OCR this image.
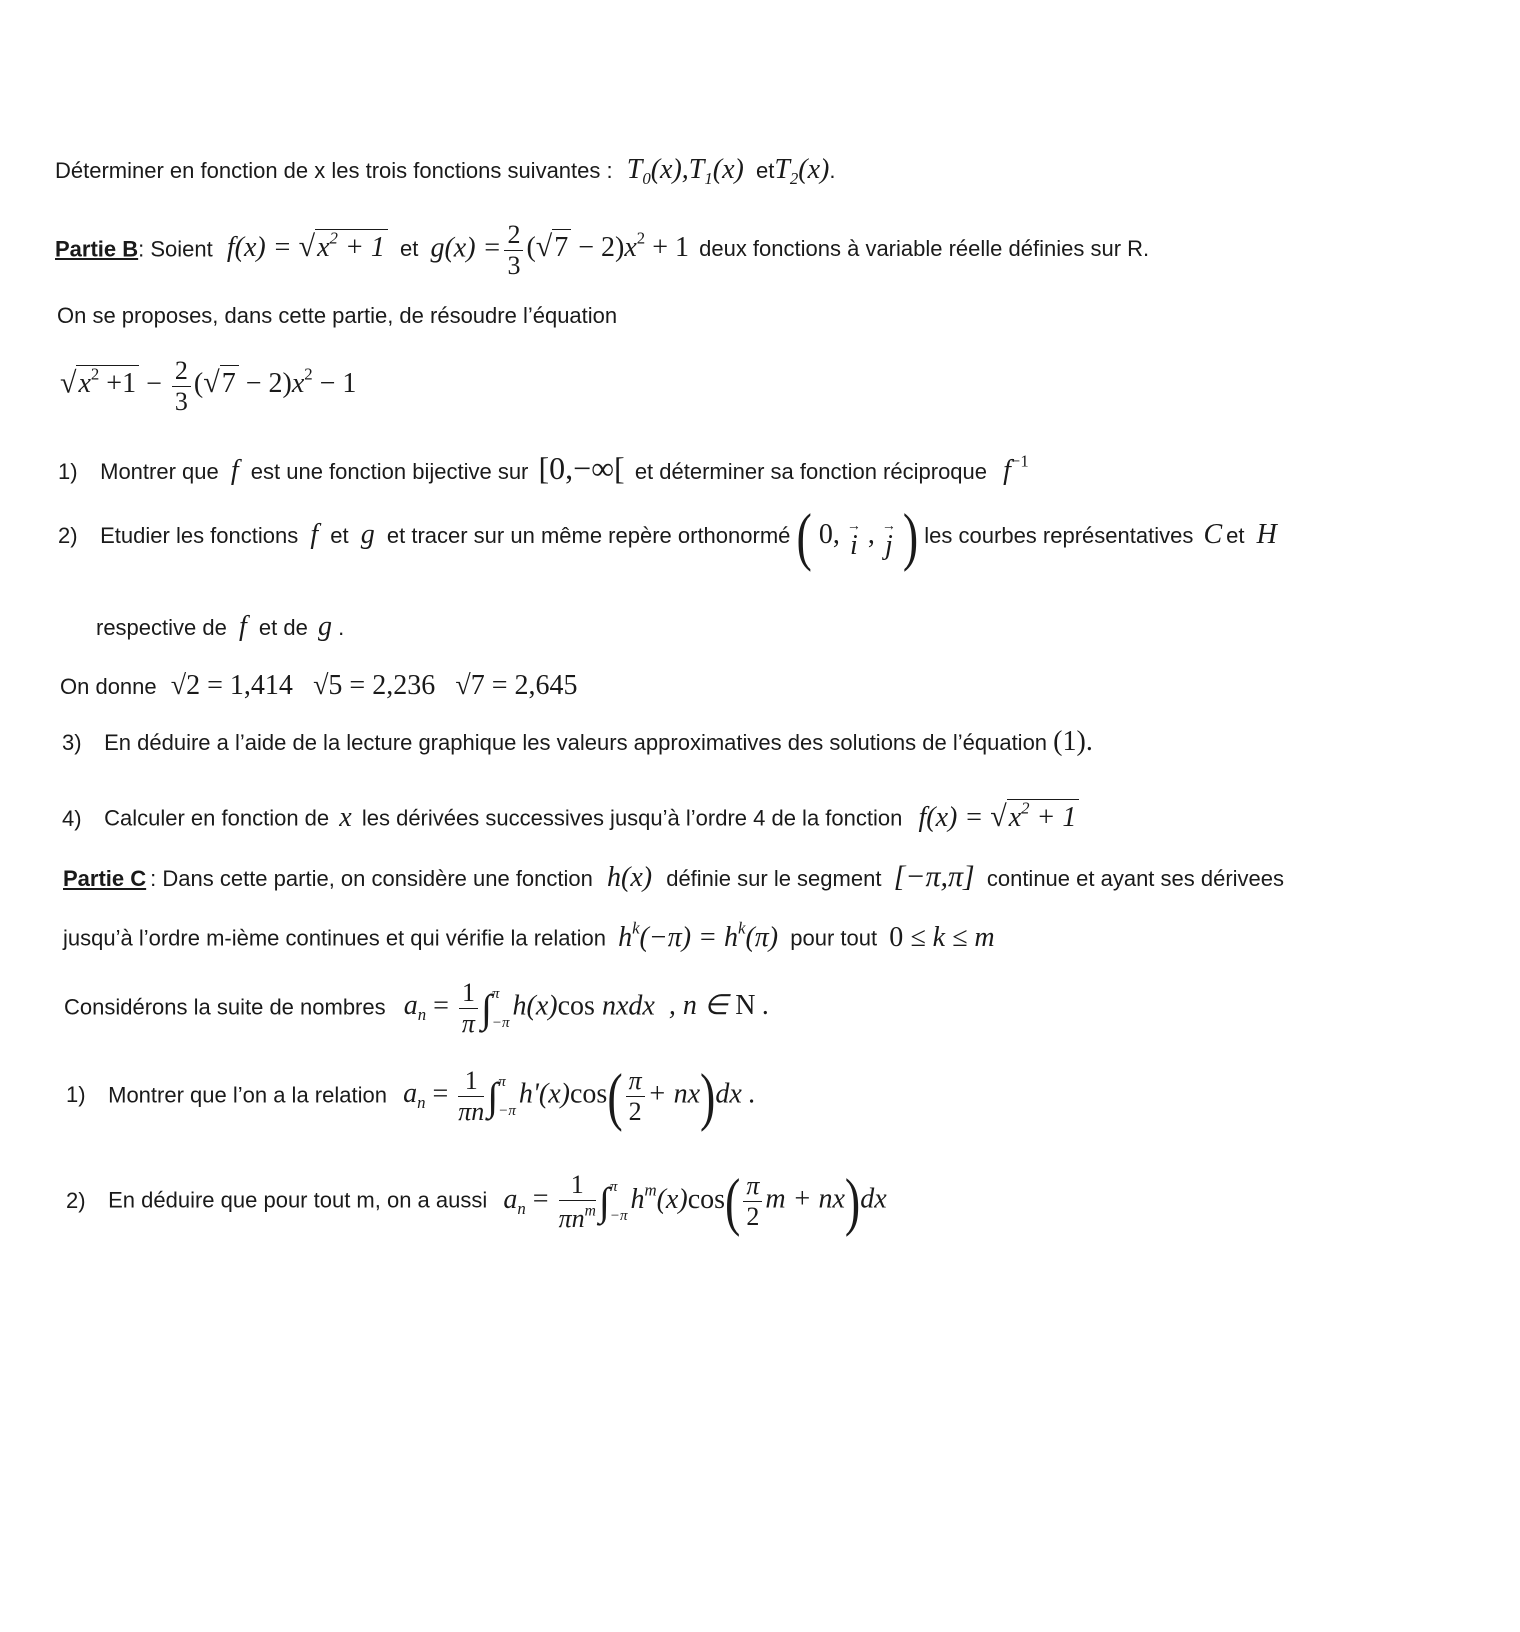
Déterminer en fonction de x les trois fonctions suivantes : $T_0(x),T_1(x)$ etT$_2$(x).
Partie B: Soient $f(x) = √x^2 + 1$ et $g(x) = \frac{2}{3} (√7 - 2)x^2 + 1$ deux fonctions à variable réelle définies sur R.
On se proposes, dans cette partie, de résoudre l’équation
$√x^2 +1 - \frac{2}{3} (√7 - 2)x^2 - 1$
1) Montrer que f est une fonction bijective sur [0,−∞[ et déterminer sa fonction réciproque $f^{-1}$
2) Etudier les fonctions f et g et tracer sur un même repère orthonormé ( 0, →
i , →
j ) les courbes représentatives C et H
respective de f et de g .
On donne √2 = 1,414 √5 = 2,236 √7 = 2,645
3) En déduire a l’aide de la lecture graphique les valeurs approximatives des solutions de l’équation (1).
4) Calculer en fonction de x les dérivées successives jusqu’à l’ordre 4 de la fonction $f(x) = √x^2 + 1$
Partie C : Dans cette partie, on considère une fonction h(x) définie sur le segment [−π,π] continue et ayant ses dérivees
jusqu’à l’ordre m-ième continues et qui vérifie la relation $h^k(-\pi) = h^k(\pi)$ pour tout 0 ≤ k ≤ m
Considérons la suite de nombres $a_n = \frac{1}{\pi} \int\pi$
−πh(x)cos nxdx , n ∈ N .
1) Montrer que l’on a la relation $a_n = \frac{1}{\pi n} \int\pi$
$-\pi h'(x)\cos( \frac{\pi}{2} + nx)dx$ .
2) En déduire que pour tout m, on a aussi $a_n = \frac{1}{\pi n^m} \int\pi$
$-\pi h^m(x)\cos( \frac{\pi}{2}$ m + nx)dx
